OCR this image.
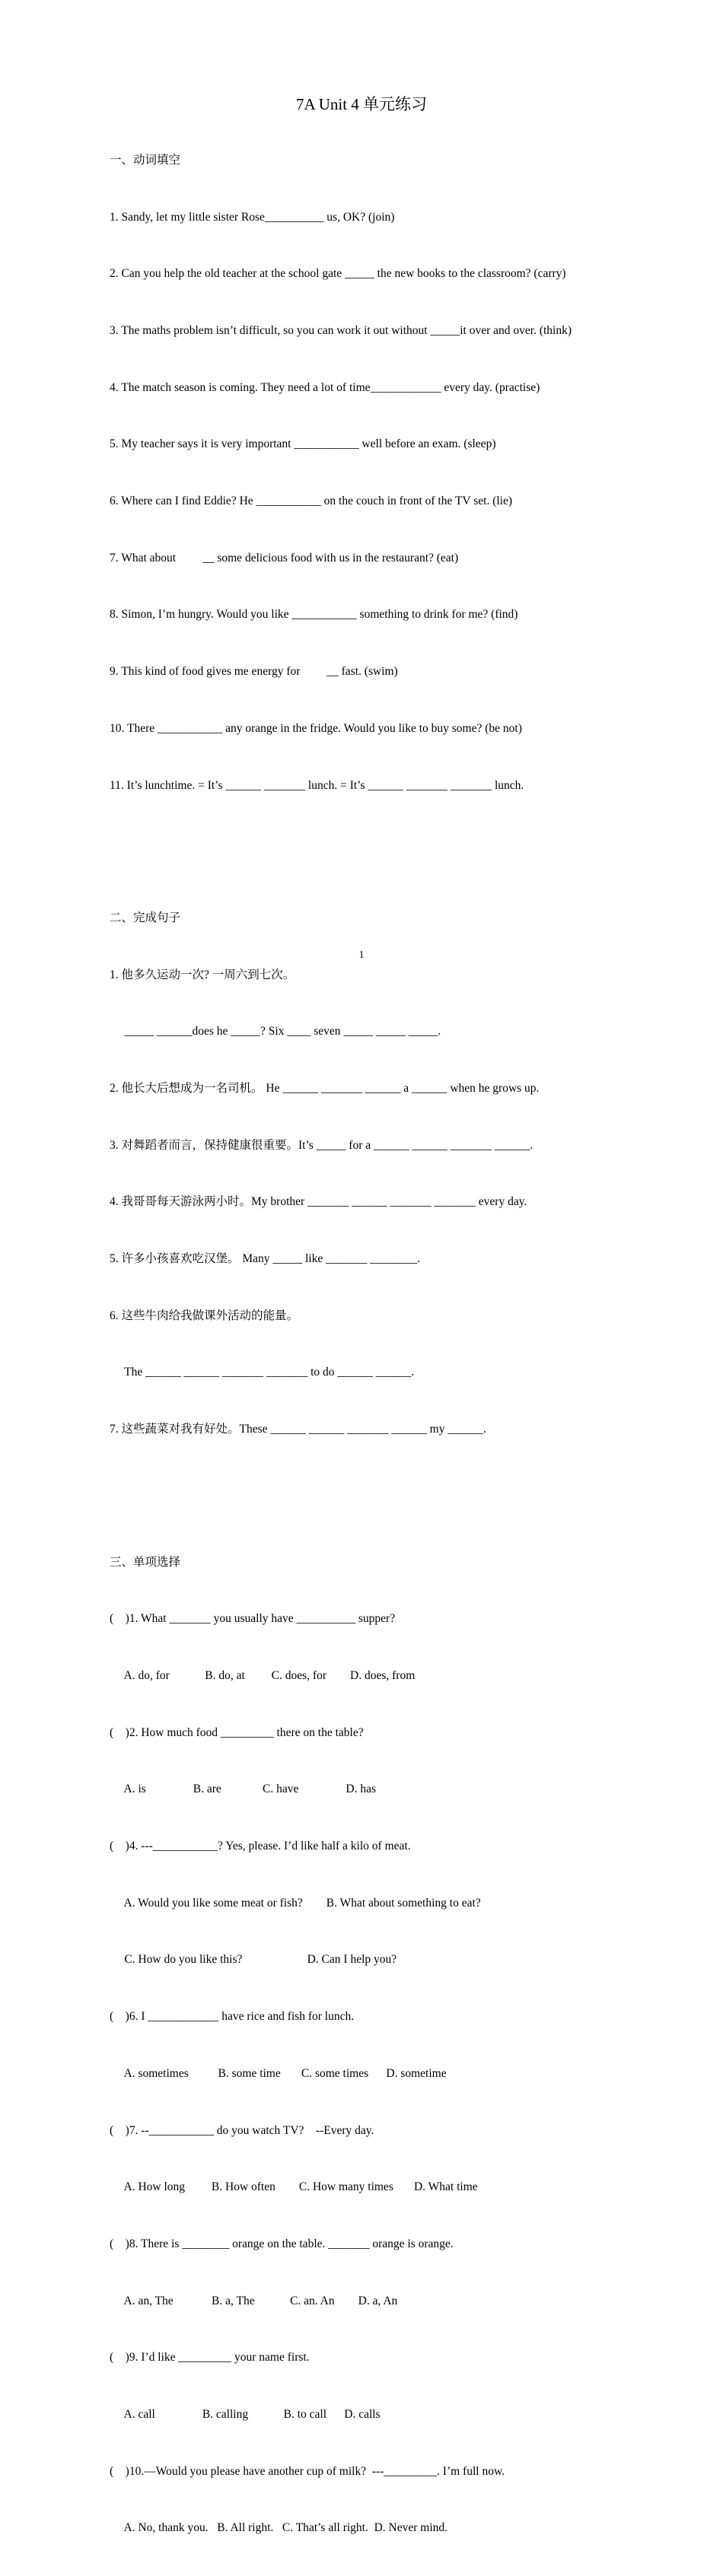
7A Unit 4 单元练习

一、动词填空

1. Sandy, let my little sister Rose__________ us, OK? (join)

2. Can you help the old teacher at the school gate _____ the new books to the classroom? (carry)

3. The maths problem isn’t difficult, so you can work it out without _____it over and over. (think)

4. The match season is coming. They need a lot of time____________ every day. (practise)

5. My teacher says it is very important ___________ well before an exam. (sleep)

6. Where can I find Eddie? He ___________ on the couch in front of the TV set. (lie)

7. What about         __ some delicious food with us in the restaurant? (eat)

8. Simon, I’m hungry. Would you like ___________ something to drink for me? (find)

9. This kind of food gives me energy for         __ fast. (swim)

10. There ___________ any orange in the fridge. Would you like to buy some? (be not)

11. It’s lunchtime. = It’s ______ _______ lunch. = It’s ______ _______ _______ lunch.

二、完成句子

1. 他多久运动一次? 一周六到七次。

_____ ______does he _____? Six ____ seven _____ _____ _____.

2. 他长大后想成为一名司机。 He ______ _______ ______ a ______ when he grows up.

3. 对舞蹈者而言，保持健康很重要。It’s _____ for a ______ ______ _______ ______.

4. 我哥哥每天游泳两小时。My brother _______ ______ _______ _______ every day.

5. 许多小孩喜欢吃汉堡。 Many _____ like _______ ________.

6. 这些牛肉给我做课外活动的能量。

The ______ ______ _______ _______ to do ______ ______.

7. 这些蔬菜对我有好处。These ______ ______ _______ ______ my ______.

三、单项选择

(    )1. What _______ you usually have __________ supper?

A. do, for            B. do, at         C. does, for        D. does, from

(    )2. How much food _________ there on the table?

A. is                B. are              C. have                D. has

(    )4. ---___________? Yes, please. I’d like half a kilo of meat.

A. Would you like some meat or fish?        B. What about something to eat?

C. How do you like this?                      D. Can I help you?

(    )6. I ____________ have rice and fish for lunch.

A. sometimes          B. some time       C. some times      D. sometime

(    )7. --___________ do you watch TV?    --Every day.

A. How long         B. How often        C. How many times       D. What time

(    )8. There is ________ orange on the table. _______ orange is orange.

A. an, The             B. a, The            C. an. An        D. a, An

(    )9. I’d like _________ your name first.

A. call                B. calling            B. to call      D. calls

(    )10.—Would you please have another cup of milk?  ---_________. I’m full now.

A. No, thank you.   B. All right.   C. That’s all right.  D. Never mind.

1
